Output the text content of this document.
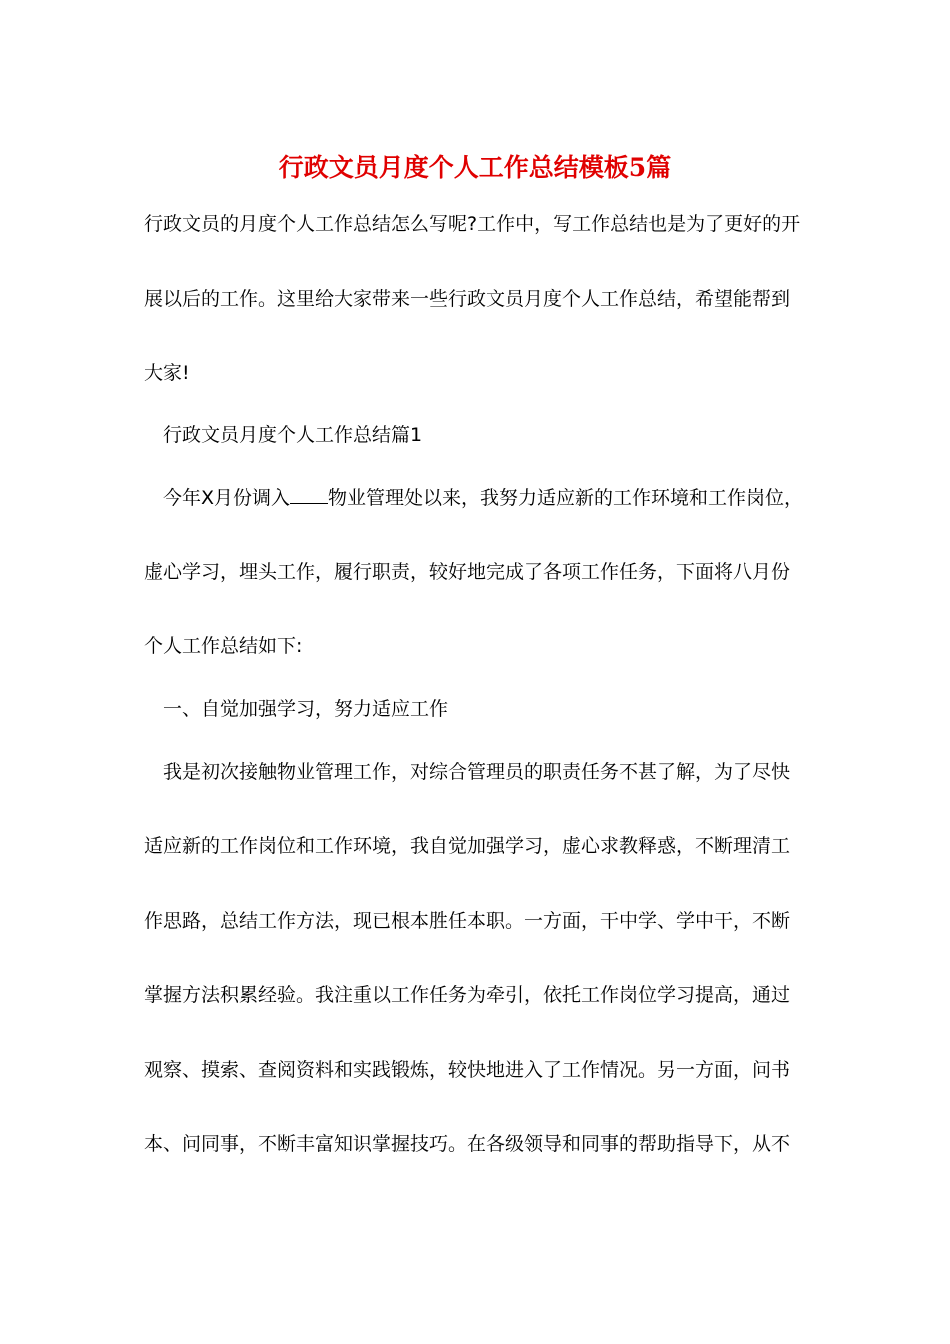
行政文员月度个人工作总结模板5篇
行政文员的月度个人工作总结怎么写呢?工作中，写工作总结也是为了更好的开
展以后的工作。这里给大家带来一些行政文员月度个人工作总结，希望能帮到
大家!
行政文员月度个人工作总结篇1
今年X月份调入 物业管理处以来，我努力适应新的工作环境和工作岗位，
虚心学习，埋头工作，履行职责，较好地完成了各项工作任务，下面将八月份
个人工作总结如下:
一、自觉加强学习，努力适应工作
我是初次接触物业管理工作，对综合管理员的职责任务不甚了解，为了尽快
适应新的工作岗位和工作环境，我自觉加强学习，虚心求教释惑，不断理清工
作思路，总结工作方法，现已根本胜任本职。一方面，干中学、学中干，不断
掌握方法积累经验。我注重以工作任务为牵引，依托工作岗位学习提高，通过
观察、摸索、查阅资料和实践锻炼，较快地进入了工作情况。另一方面，问书
本、问同事，不断丰富知识掌握技巧。在各级领导和同事的帮助指导下，从不
